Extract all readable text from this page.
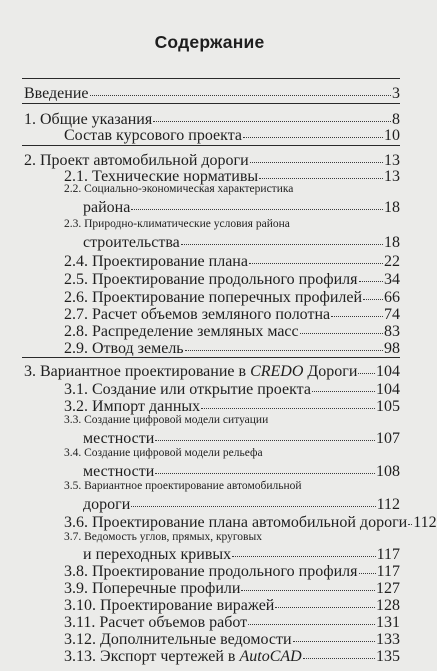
Содержание
Введение	3
1. Общие указания	8
Состав курсового проекта	10
2. Проект автомобильной дороги	13
2.1. Технические нормативы	13
2.2. Социально-экономическая характеристика
района	18
2.3. Природно-климатические условия района
строительства	18
2.4. Проектирование плана	22
2.5. Проектирование продольного профиля 34
2.6. Проектирование поперечных профилей 66
2.7. Расчет объемов земляного полотна	74
2.8. Распределение земляных масс	83
2.9. Отвод земель	98
3. Вариантное проектирование в CREDO Дороги 104
3.1. Создание или открытие проекта	104
3.2. Импорт данных	105
3.3. Создание цифровой модели ситуации
местности	107
3.4. Создание цифровой модели рельефа
местности	108
3.5. Вариантное проектирование автомобильной
дороги	112
3.6. Проектирование плана автомобильной дороги 112
3.7. Ведомость углов, прямых, круговых
и переходных кривых	117
3.8. Проектирование продольного профиля 117
3.9. Поперечные профили	127
3.10. Проектирование виражей	128
3.11. Расчет объемов работ	131
3.12. Дополнительные ведомости	133
3.13. Экспорт чертежей в AutoCAD	135
